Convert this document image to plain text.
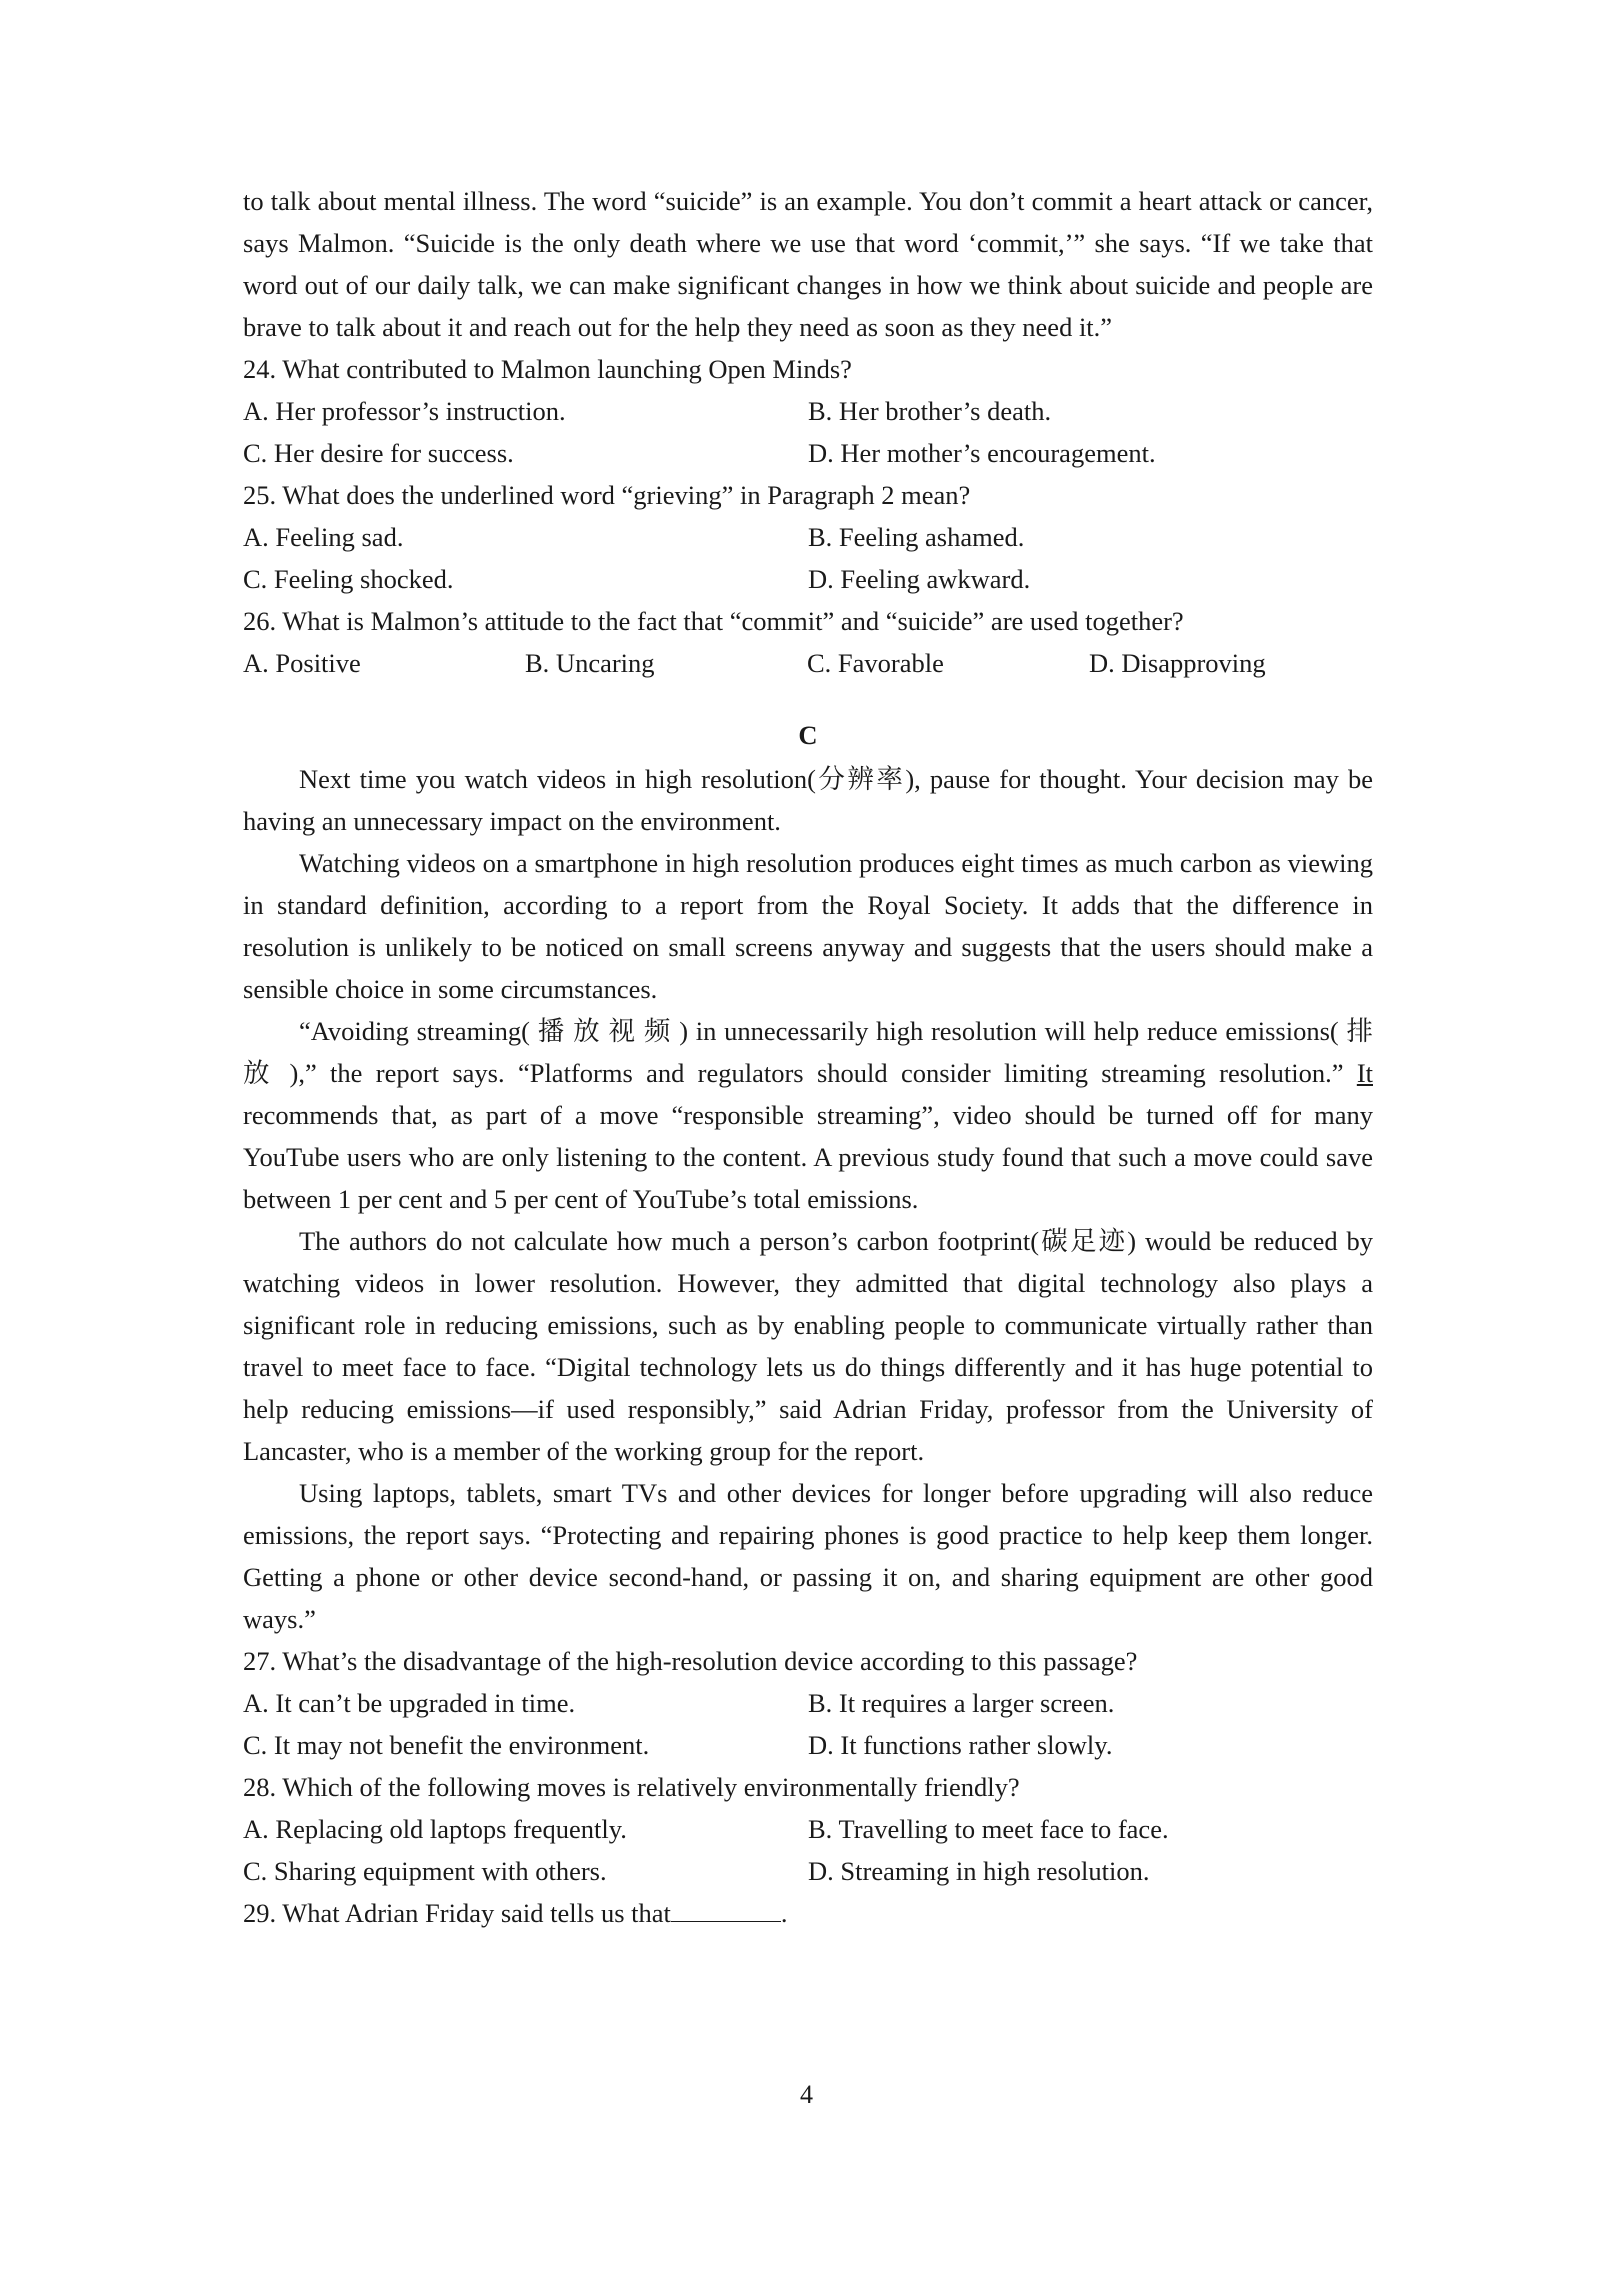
to talk about mental illness. The word “suicide” is an example. You don’t commit a heart attack or cancer, says Malmon. “Suicide is the only death where we use that word ‘commit,’” she says. “If we take that word out of our daily talk, we can make significant changes in how we think about suicide and people are brave to talk about it and reach out for the help they need as soon as they need it.”

24. What contributed to Malmon launching Open Minds?

A. Her professor’s instruction.	B. Her brother’s death.
C. Her desire for success.	D. Her mother’s encouragement.

25. What does the underlined word “grieving” in Paragraph 2 mean?

A. Feeling sad.	B. Feeling ashamed.
C. Feeling shocked.	D. Feeling awkward.

26. What is Malmon’s attitude to the fact that “commit” and “suicide” are used together?

A. Positive	B. Uncaring	C. Favorable	D. Disapproving

C

Next time you watch videos in high resolution(分辨率), pause for thought. Your decision may be having an unnecessary impact on the environment.

Watching videos on a smartphone in high resolution produces eight times as much carbon as viewing in standard definition, according to a report from the Royal Society. It adds that the difference in resolution is unlikely to be noticed on small screens anyway and suggests that the users should make a sensible choice in some circumstances.

“Avoiding streaming( 播 放 视 频 ) in unnecessarily high resolution will help reduce emissions( 排 放 ),” the report says. “Platforms and regulators should consider limiting streaming resolution.” It recommends that, as part of a move “responsible streaming”, video should be turned off for many YouTube users who are only listening to the content. A previous study found that such a move could save between 1 per cent and 5 per cent of YouTube’s total emissions.

The authors do not calculate how much a person’s carbon footprint(碳足迹) would be reduced by watching videos in lower resolution. However, they admitted that digital technology also plays a significant role in reducing emissions, such as by enabling people to communicate virtually rather than travel to meet face to face. “Digital technology lets us do things differently and it has huge potential to help reducing emissions—if used responsibly,” said Adrian Friday, professor from the University of Lancaster, who is a member of the working group for the report.

Using laptops, tablets, smart TVs and other devices for longer before upgrading will also reduce emissions, the report says. “Protecting and repairing phones is good practice to help keep them longer. Getting a phone or other device second-hand, or passing it on, and sharing equipment are other good ways.”

27. What’s the disadvantage of the high-resolution device according to this passage?

A. It can’t be upgraded in time.	B. It requires a larger screen.
C. It may not benefit the environment.	D. It functions rather slowly.

28. Which of the following moves is relatively environmentally friendly?

A. Replacing old laptops frequently.	B. Travelling to meet face to face.
C. Sharing equipment with others.	D. Streaming in high resolution.

29. What Adrian Friday said tells us that	.

4
